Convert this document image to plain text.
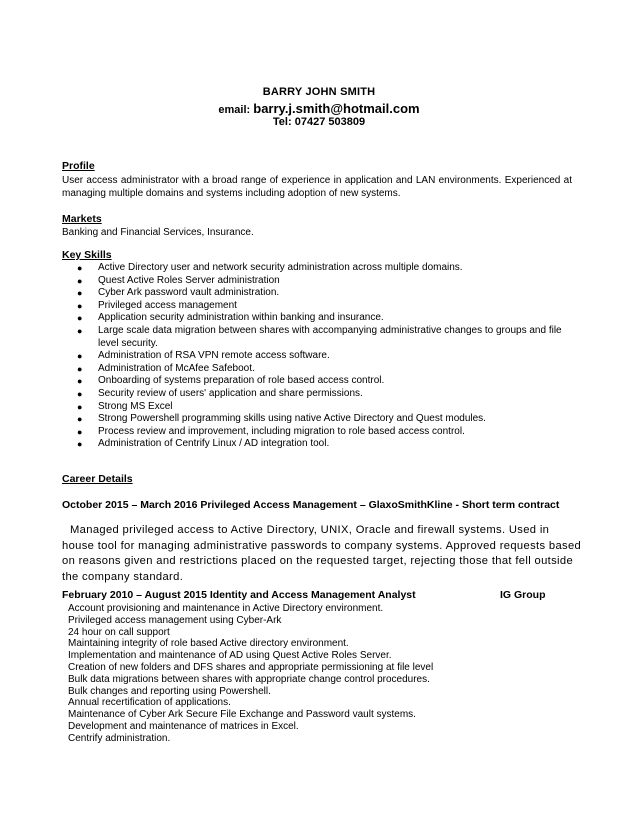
BARRY JOHN SMITH
email: barry.j.smith@hotmail.com
Tel: 07427 503809
Profile
User access administrator with a broad range of experience in application and LAN environments. Experienced at managing multiple domains and systems including adoption of new systems.
Markets
Banking and Financial Services, Insurance.
Key Skills
● Active Directory user and network security administration across multiple domains.
● Quest Active Roles Server administration
● Cyber Ark password vault administration.
● Privileged access management
● Application security administration within banking and insurance.
● Large scale data migration between shares with accompanying administrative changes to groups and file level security.
● Administration of RSA VPN remote access software.
● Administration of McAfee Safeboot.
● Onboarding of systems preparation of role based access control.
● Security review of users' application and share permissions.
● Strong MS Excel
● Strong Powershell programming skills using native Active Directory and Quest modules.
● Process review and improvement, including migration to role based access control.
● Administration of Centrify Linux / AD integration tool.
Career Details
October 2015 – March 2016 Privileged Access Management – GlaxoSmithKline - Short term contract
Managed privileged access to Active Directory, UNIX, Oracle and firewall systems. Used in house tool for managing administrative passwords to company systems. Approved requests based on reasons given and restrictions placed on the requested target, rejecting those that fell outside the company standard.
February 2010 – August 2015 Identity and Access Management Analyst	IG Group
Account provisioning and maintenance in Active Directory environment.
Privileged access management using Cyber-Ark
24 hour on call support
Maintaining integrity of role based Active directory environment.
Implementation and maintenance of AD using Quest Active Roles Server.
Creation of new folders and DFS shares and appropriate permissioning at file level
Bulk data migrations between shares with appropriate change control procedures.
Bulk changes and reporting using Powershell.
Annual recertification of applications.
Maintenance of Cyber Ark Secure File Exchange and Password vault systems.
Development and maintenance of matrices in Excel.
Centrify administration.
